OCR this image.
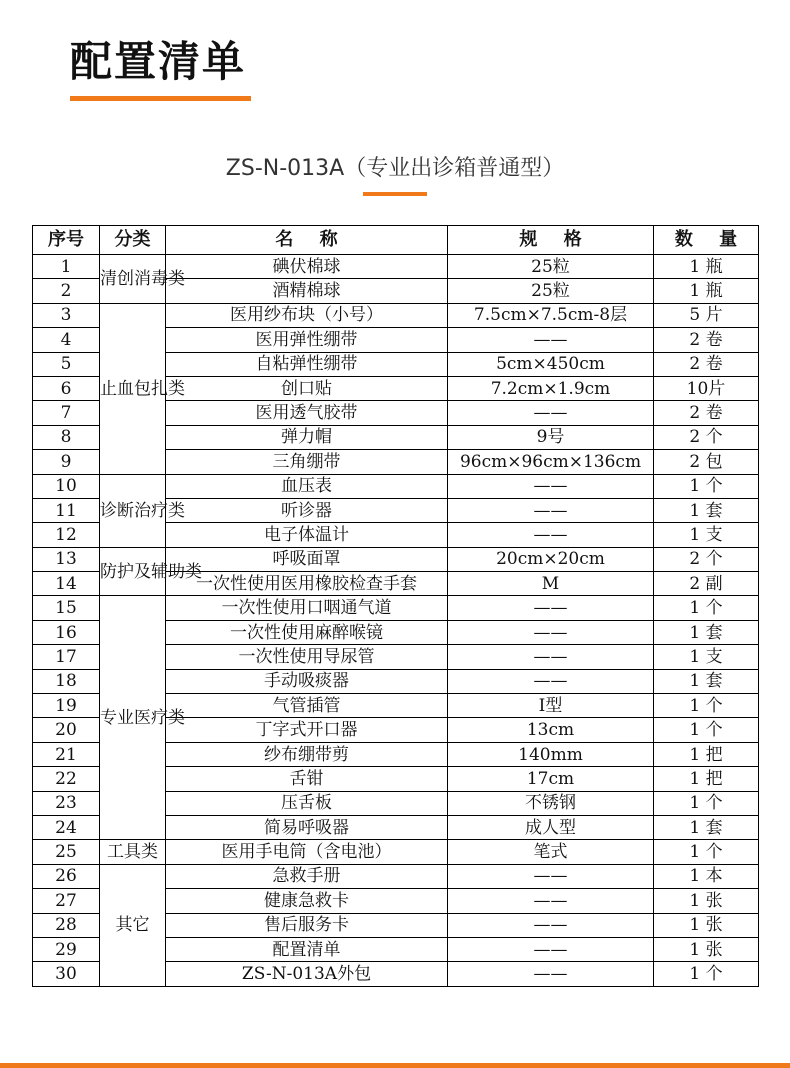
配置清单
ZS-N-013A（专业出诊箱普通型）
序号	分类	名 称	规 格	数 量
1	清创消毒类	碘伏棉球	25粒	1 瓶
2		酒精棉球	25粒	1 瓶
3	止血包扎类	医用纱布块（小号）	7.5cm×7.5cm-8层	5 片
4		医用弹性绷带	——	2 卷
5		自粘弹性绷带	5cm×450cm	2 卷
6		创口贴	7.2cm×1.9cm	10片
7		医用透气胶带	——	2 卷
8		弹力帽	9号	2 个
9		三角绷带	96cm×96cm×136cm	2 包
10	诊断治疗类	血压表	——	1 个
11		听诊器	——	1 套
12		电子体温计	——	1 支
13	防护及辅助类	呼吸面罩	20cm×20cm	2 个
14		一次性使用医用橡胶检查手套	M	2 副
15	专业医疗类	一次性使用口咽通气道	——	1 个
16		一次性使用麻醉喉镜	——	1 套
17		一次性使用导尿管	——	1 支
18		手动吸痰器	——	1 套
19		气管插管	Ⅰ型	1 个
20		丁字式开口器	13cm	1 个
21		纱布绷带剪	140mm	1 把
22		舌钳	17cm	1 把
23		压舌板	不锈钢	1 个
24		简易呼吸器	成人型	1 套
25	工具类	医用手电筒（含电池）	笔式	1 个
26	其它	急救手册	——	1 本
27		健康急救卡	——	1 张
28		售后服务卡	——	1 张
29		配置清单	——	1 张
30		ZS-N-013A外包	——	1 个
